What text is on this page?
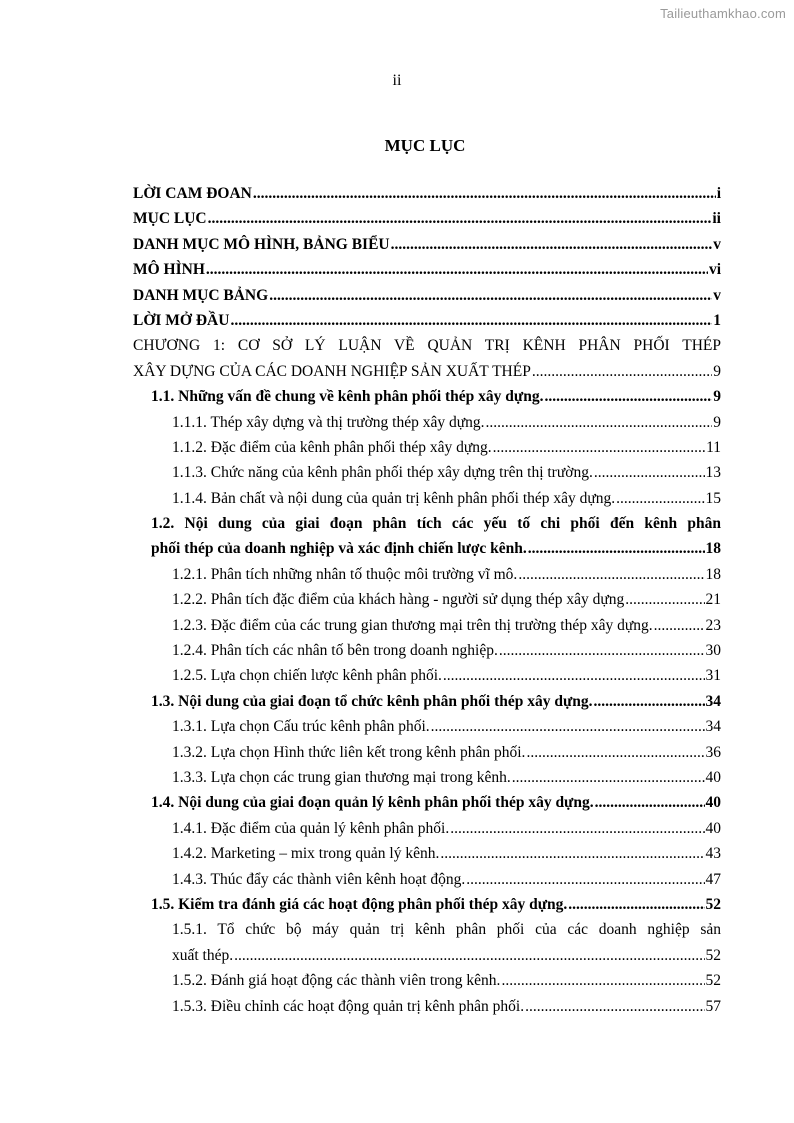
Tailieuthamkhao.com
ii
MỤC LỤC
LỜI CAM ĐOAN .....	i
MỤC LỤC .....	ii
DANH MỤC MÔ HÌNH, BẢNG BIỂU .....	v
MÔ HÌNH .....	vi
DANH MỤC BẢNG .....	v
LỜI MỞ ĐẦU .....	1
CHƯƠNG 1: CƠ SỞ LÝ LUẬN VỀ QUẢN TRỊ KÊNH PHÂN PHỐI THÉP
XÂY DỰNG CỦA CÁC DOANH NGHIỆP SẢN XUẤT THÉP .....	9
1.1. Những vấn đề chung về kênh phân phối thép xây dựng. .....	9
1.1.1. Thép xây dựng và thị trường thép xây dựng. .....	9
1.1.2. Đặc điểm của kênh phân phối thép xây dựng. .....	11
1.1.3. Chức năng của kênh phân phối thép xây dựng trên thị trường. .....	13
1.1.4. Bản chất và nội dung của quản trị kênh phân phối thép xây dựng. .....	15
1.2. Nội dung của giai đoạn phân tích các yếu tố chi phối đến kênh phân
phối thép của doanh nghiệp và xác định chiến lược kênh. .....	18
1.2.1. Phân tích những nhân tố thuộc môi trường vĩ mô. .....	18
1.2.2. Phân tích đặc điểm của khách hàng - người sử dụng thép xây dựng .....	21
1.2.3. Đặc điểm của các trung gian thương mại trên thị trường thép xây dựng. .....	23
1.2.4. Phân tích các nhân tố bên trong doanh nghiệp. .....	30
1.2.5. Lựa chọn chiến lược kênh phân phối. .....	31
1.3. Nội dung của giai đoạn tổ chức kênh phân phối thép xây dựng. .....	34
1.3.1. Lựa chọn Cấu trúc kênh phân phối. .....	34
1.3.2. Lựa chọn Hình thức liên kết trong kênh phân phối. .....	36
1.3.3. Lựa chọn các trung gian thương mại trong kênh. .....	40
1.4. Nội dung của giai đoạn quản lý kênh phân phối thép xây dựng. .....	40
1.4.1. Đặc điểm của quản lý kênh phân phối. .....	40
1.4.2. Marketing – mix trong quản lý kênh. .....	43
1.4.3. Thúc đẩy các thành viên kênh hoạt động. .....	47
1.5. Kiểm tra đánh giá các hoạt động phân phối thép xây dựng. .....	52
1.5.1. Tổ chức bộ máy quản trị kênh phân phối của các doanh nghiệp sản
xuất thép. .....	52
1.5.2. Đánh giá hoạt động các thành viên trong kênh. .....	52
1.5.3. Điều chỉnh các hoạt động quản trị kênh phân phối. .....	57
